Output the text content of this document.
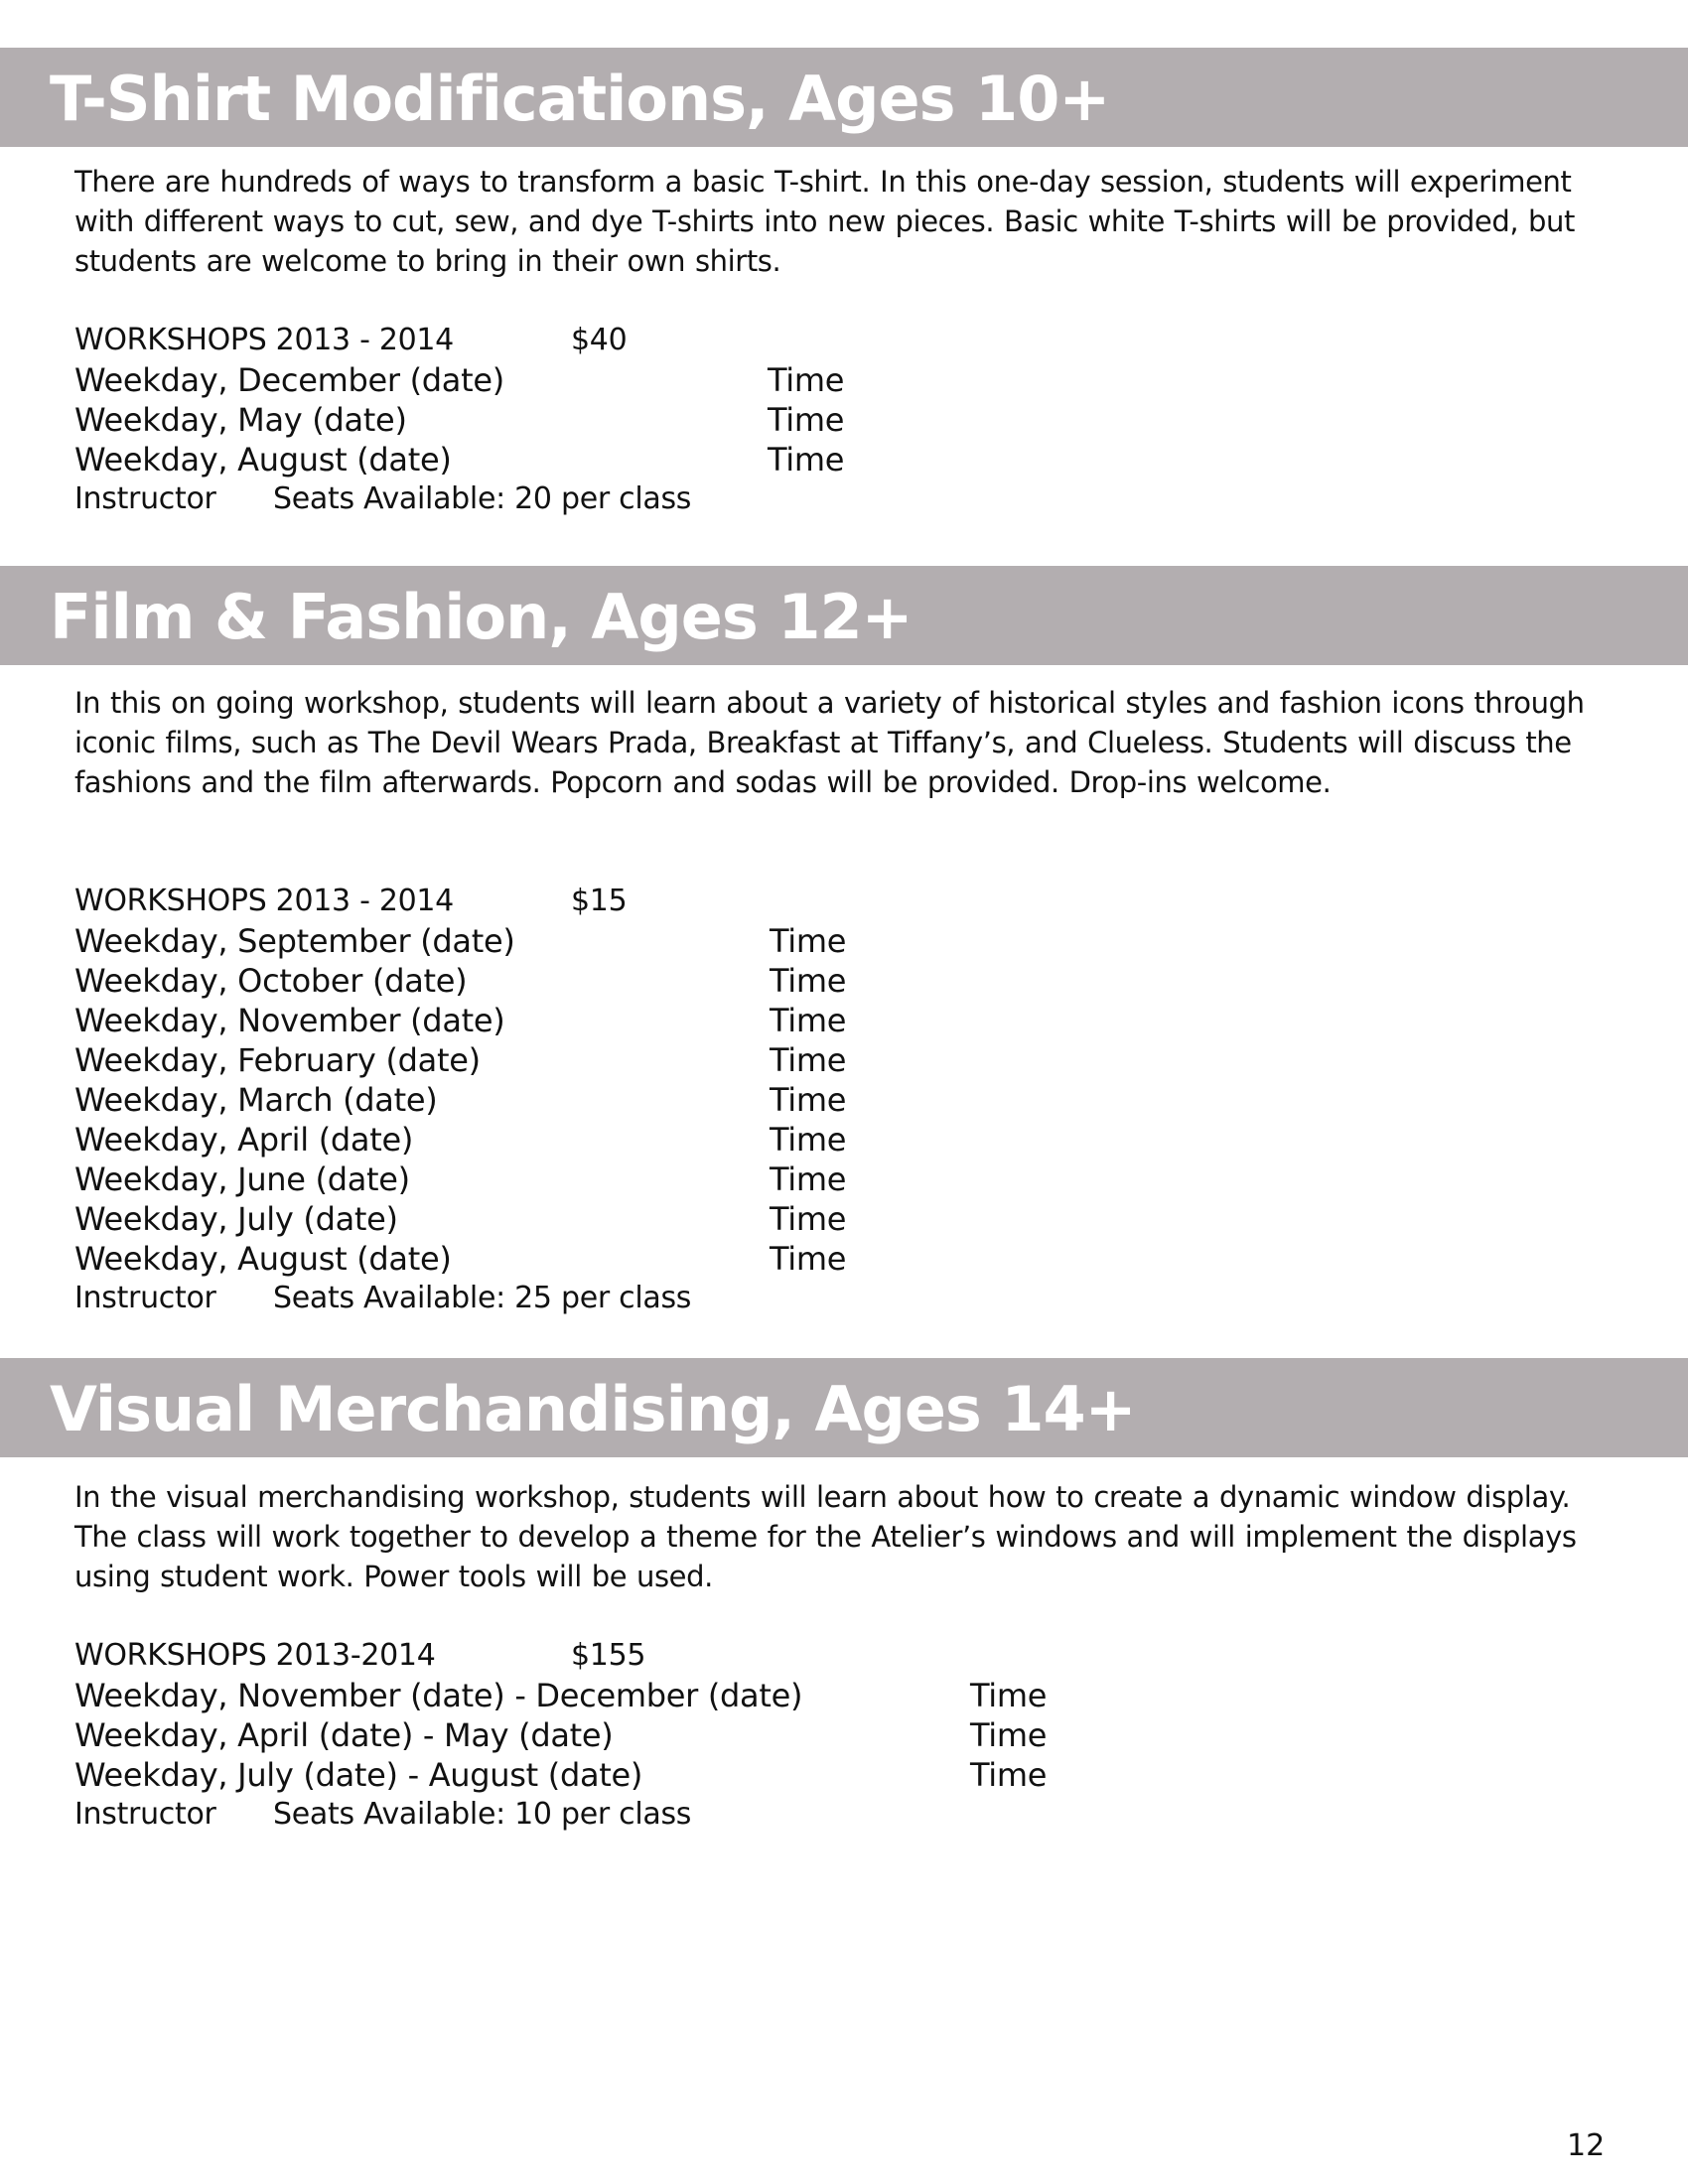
T-Shirt Modifications, Ages 10+

There are hundreds of ways to transform a basic T-shirt. In this one-day session, students will experiment with different ways to cut, sew, and dye T-shirts into new pieces. Basic white T-shirts will be provided, but students are welcome to bring in their own shirts.

WORKSHOPS 2013 - 2014	$40
Weekday, December (date)	Time
Weekday, May (date)	Time
Weekday, August (date)	Time
Instructor Seats Available: 20 per class
Film & Fashion, Ages 12+

In this on going workshop, students will learn about a variety of historical styles and fashion icons through iconic films, such as The Devil Wears Prada, Breakfast at Tiffany’s, and Clueless. Students will discuss the fashions and the film afterwards. Popcorn and sodas will be provided. Drop-ins welcome.

WORKSHOPS 2013 - 2014	$15
Weekday, September (date)	Time
Weekday, October (date)	Time
Weekday, November (date)	Time
Weekday, February (date)	Time
Weekday, March (date)	Time
Weekday, April (date)	Time
Weekday, June (date)	Time
Weekday, July (date)	Time
Weekday, August (date)	Time
Instructor Seats Available: 25 per class
Visual Merchandising, Ages 14+

In the visual merchandising workshop, students will learn about how to create a dynamic window display. The class will work together to develop a theme for the Atelier’s windows and will implement the displays using student work. Power tools will be used.

WORKSHOPS 2013-2014	$155
Weekday, November (date) - December (date)	Time
Weekday, April (date) - May (date)	Time
Weekday, July (date) - August (date)	Time
Instructor Seats Available: 10 per class
12
